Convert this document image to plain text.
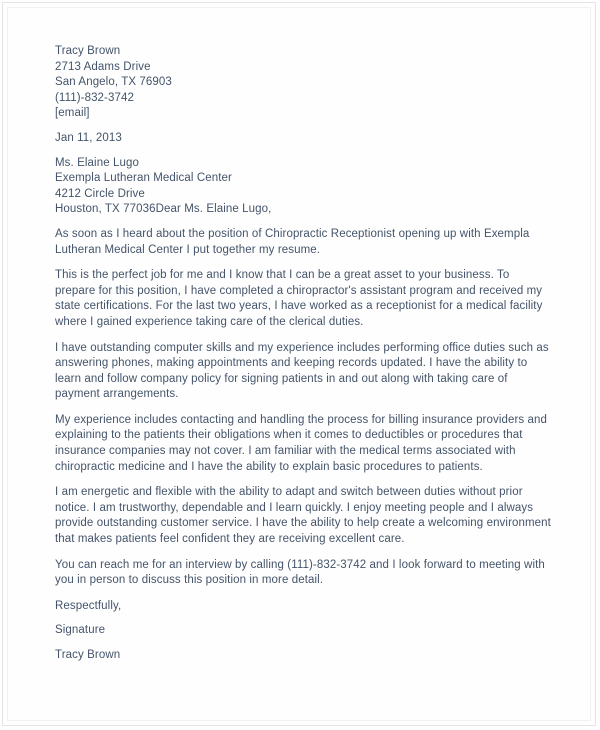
Tracy Brown
2713 Adams Drive
San Angelo, TX 76903
(111)-832-3742
[email]
Jan 11, 2013
Ms. Elaine Lugo
Exempla Lutheran Medical Center
4212 Circle Drive
Houston, TX 77036Dear Ms. Elaine Lugo,
As soon as I heard about the position of Chiropractic Receptionist opening up with Exempla Lutheran Medical Center I put together my resume.
This is the perfect job for me and I know that I can be a great asset to your business. To prepare for this position, I have completed a chiropractor's assistant program and received my state certifications. For the last two years, I have worked as a receptionist for a medical facility where I gained experience taking care of the clerical duties.
I have outstanding computer skills and my experience includes performing office duties such as answering phones, making appointments and keeping records updated. I have the ability to learn and follow company policy for signing patients in and out along with taking care of payment arrangements.
My experience includes contacting and handling the process for billing insurance providers and explaining to the patients their obligations when it comes to deductibles or procedures that insurance companies may not cover. I am familiar with the medical terms associated with chiropractic medicine and I have the ability to explain basic procedures to patients.
I am energetic and flexible with the ability to adapt and switch between duties without prior notice. I am trustworthy, dependable and I learn quickly. I enjoy meeting people and I always provide outstanding customer service. I have the ability to help create a welcoming environment that makes patients feel confident they are receiving excellent care.
You can reach me for an interview by calling (111)-832-3742 and I look forward to meeting with you in person to discuss this position in more detail.
Respectfully,
Signature
Tracy Brown
